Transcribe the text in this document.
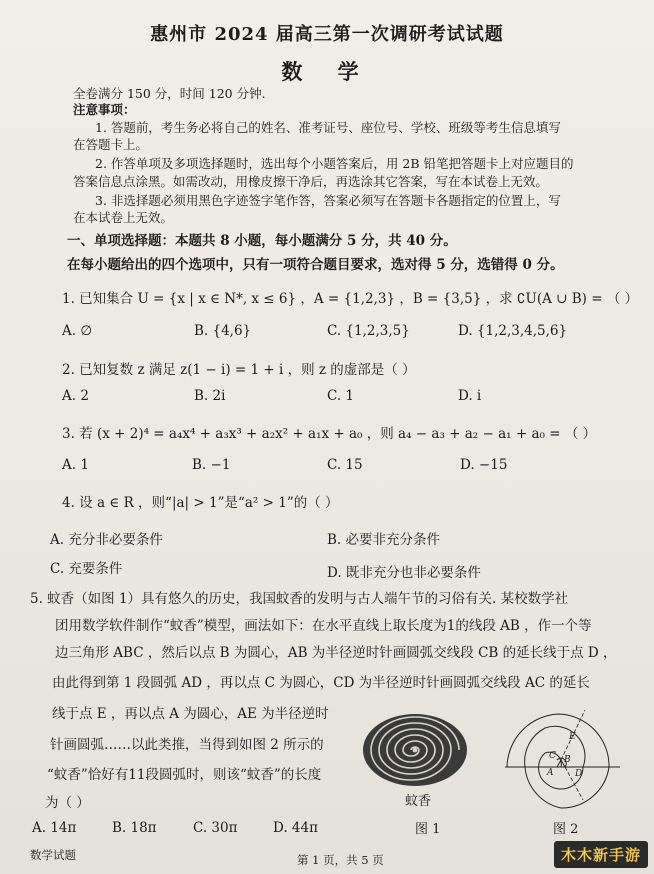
惠州市 2024 届高三第一次调研考试试题
数 学
全卷满分 150 分，时间 120 分钟.
注意事项：
1. 答题前，考生务必将自己的姓名、准考证号、座位号、学校、班级等考生信息填写
在答题卡上。
2. 作答单项及多项选择题时，选出每个小题答案后，用 2B 铅笔把答题卡上对应题目的
答案信息点涂黑。如需改动，用橡皮擦干净后，再选涂其它答案，写在本试卷上无效。
3. 非选择题必须用黑色字迹签字笔作答，答案必须写在答题卡各题指定的位置上，写
在本试卷上无效。
一、单项选择题：本题共 8 小题，每小题满分 5 分，共 40 分。
在每小题给出的四个选项中，只有一项符合题目要求，选对得 5 分，选错得 0 分。
1. 已知集合 U = {x | x ∈ N*, x ≤ 6} ，A = {1,2,3} ，B = {3,5} ，求 ∁U(A ∪ B) = （ ）
A. ∅	B. {4,6}	C. {1,2,3,5}	D. {1,2,3,4,5,6}
2. 已知复数 z 满足 z(1 − i) = 1 + i ，则 z 的虚部是（ ）
A. 2	B. 2i	C. 1	D. i
3. 若 (x + 2)⁴ = a₄x⁴ + a₃x³ + a₂x² + a₁x + a₀ ，则 a₄ − a₃ + a₂ − a₁ + a₀ = （ ）
A. 1	B. −1	C. 15	D. −15
4. 设 a ∈ R ，则“|a| > 1”是“a² > 1”的（ ）
A. 充分非必要条件	B. 必要非充分条件
C. 充要条件	D. 既非充分也非必要条件
5. 蚊香（如图 1）具有悠久的历史，我国蚊香的发明与古人端午节的习俗有关. 某校数学社
团用数学软件制作“蚊香”模型，画法如下：在水平直线上取长度为1的线段 AB ，作一个等
边三角形 ABC ，然后以点 B 为圆心，AB 为半径逆时针画圆弧交线段 CB 的延长线于点 D ，
由此得到第 1 段圆弧 AD ，再以点 C 为圆心，CD 为半径逆时针画圆弧交线段 AC 的延长
线于点 E ，再以点 A 为圆心，AE 为半径逆时
针画圆弧……以此类推，当得到如图 2 所示的
“蚊香”恰好有11段圆弧时，则该“蚊香”的长度
为（ ）
A. 14π	B. 18π	C. 30π	D. 44π
蚊香
图 1
C B
A D
E
图 2
数学试题	第 1 页，共 5 页	木木新手游
